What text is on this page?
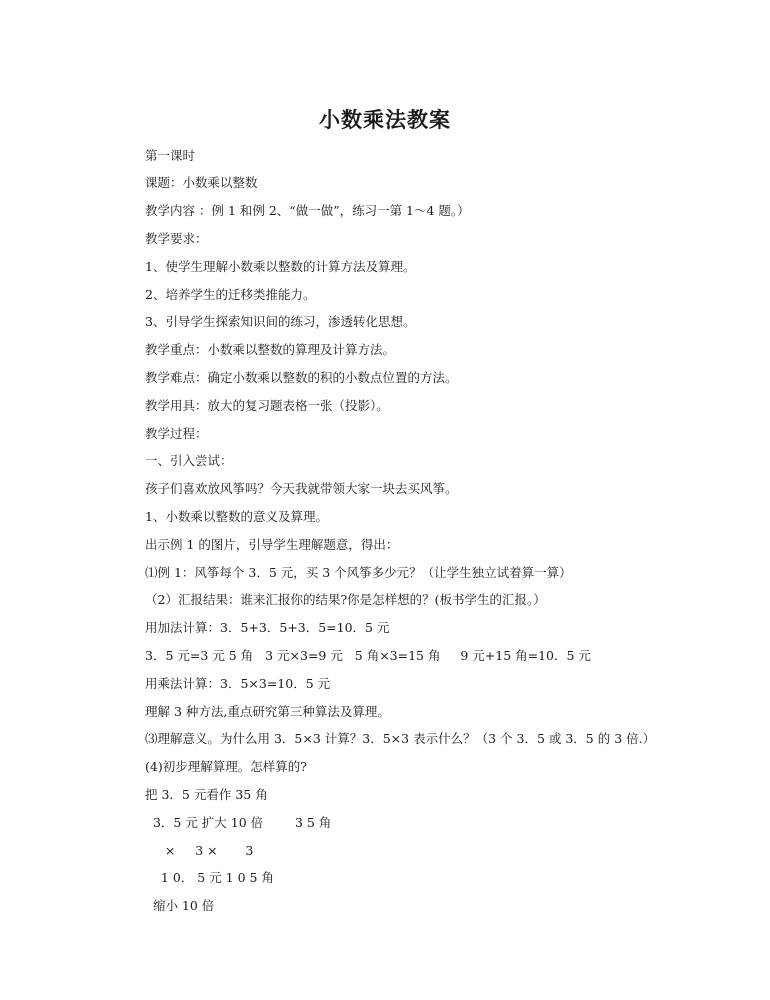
小数乘法教案
第一课时
课题：小数乘以整数
教学内容 ：例 1 和例 2、“做一做”，练习一第 1～4 题。）
教学要求：
1、使学生理解小数乘以整数的计算方法及算理。
2、培养学生的迁移类推能力。
3、引导学生探索知识间的练习，渗透转化思想。
教学重点：小数乘以整数的算理及计算方法。
教学难点：确定小数乘以整数的积的小数点位置的方法。
教学用具：放大的复习题表格一张（投影）。
教学过程：
一、引入尝试：
孩子们喜欢放风筝吗？今天我就带领大家一块去买风筝。
1、小数乘以整数的意义及算理。
出示例 1 的图片，引导学生理解题意，得出：
⑴例 1：风筝每个 3．5 元，买 3 个风筝多少元？（让学生独立试着算一算）
（2）汇报结果：谁来汇报你的结果?你是怎样想的？(板书学生的汇报。）
用加法计算：3．5+3．5+3．5=10．5 元
3．5 元=3 元 5 角   3 元×3=9 元   5 角×3=15 角     9 元+15 角=10．5 元
用乘法计算：3．5×3=10．5 元
理解 3 种方法,重点研究第三种算法及算理。
⑶理解意义。为什么用 3．5×3 计算？3．5×3 表示什么？（3 个 3．5 或 3．5 的 3 倍.）
(4)初步理解算理。怎样算的?
把 3．5 元看作 35 角
3．5 元 扩大 10 倍        3 5 角
×     3 ×       3
1 0． 5 元 1 0 5 角
缩小 10 倍
